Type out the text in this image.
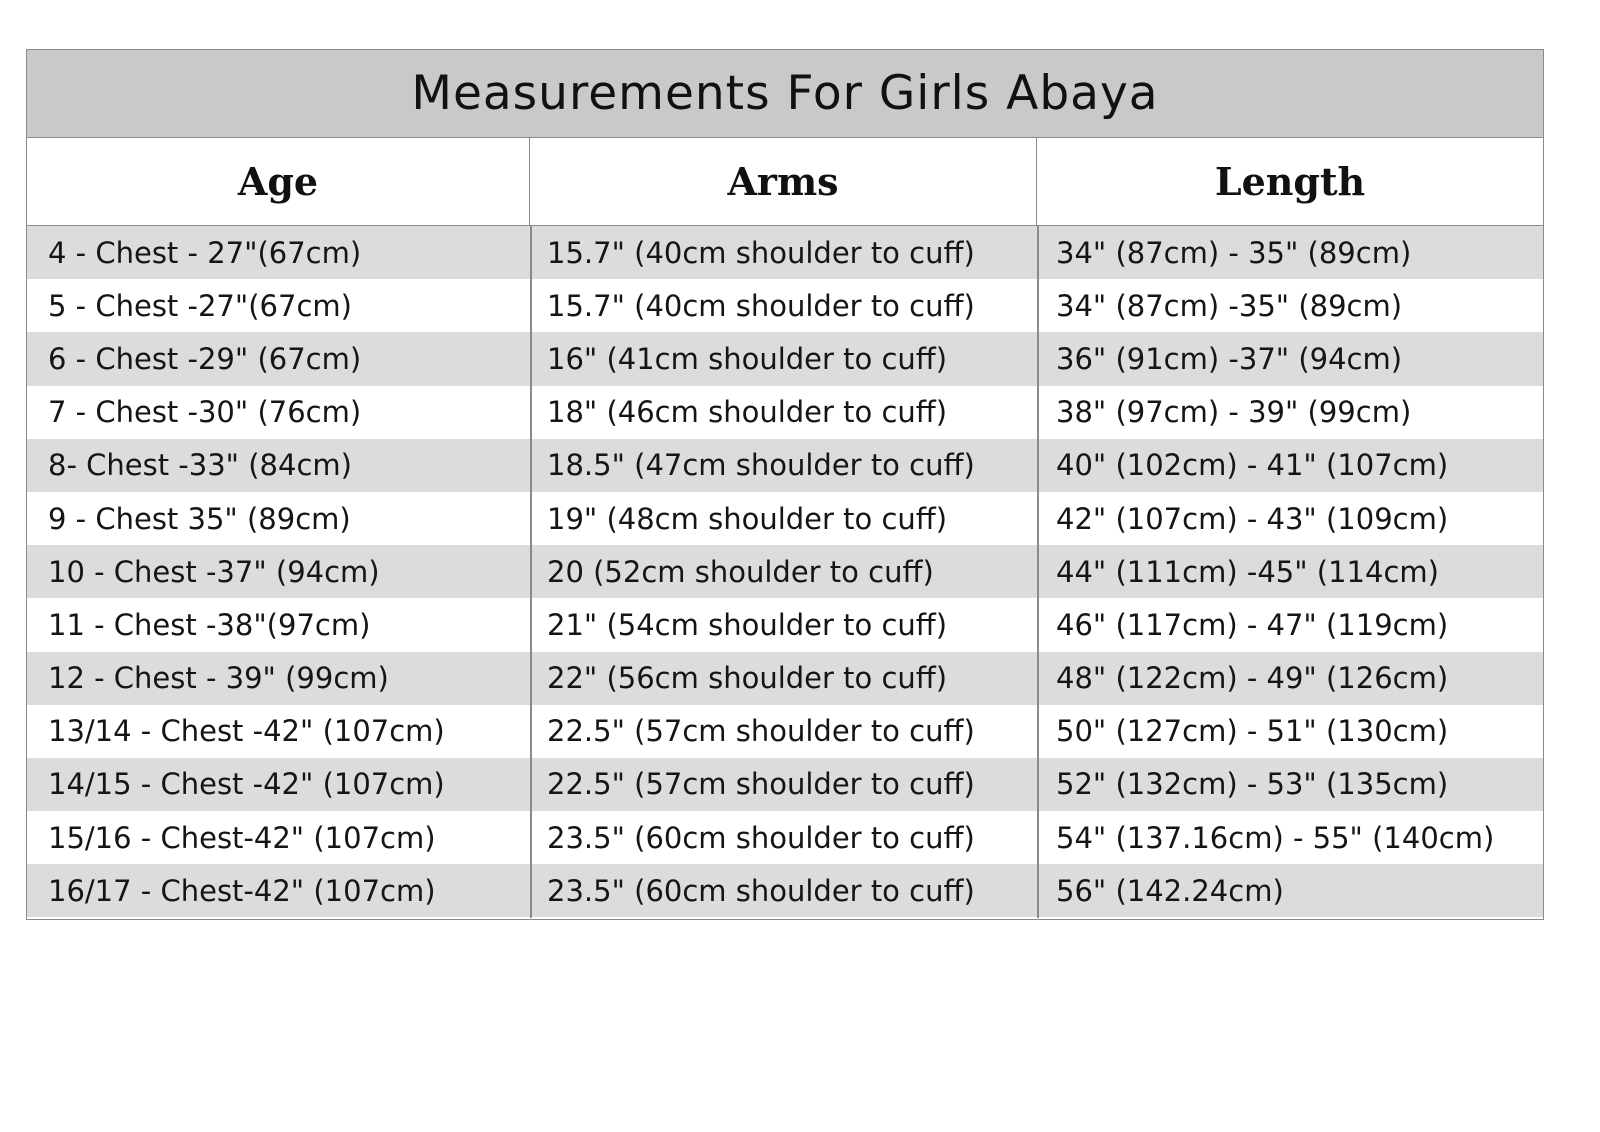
Measurements For Girls Abaya
Age	Arms	Length
4 - Chest - 27"(67cm)	15.7" (40cm shoulder to cuff)	34" (87cm) - 35" (89cm)
5 - Chest -27"(67cm)	15.7" (40cm shoulder to cuff)	34" (87cm) -35" (89cm)
6 - Chest -29" (67cm)	16" (41cm shoulder to cuff)	36" (91cm) -37" (94cm)
7 - Chest -30" (76cm)	18" (46cm shoulder to cuff)	38" (97cm) - 39" (99cm)
8- Chest -33" (84cm)	18.5" (47cm shoulder to cuff)	40" (102cm) - 41" (107cm)
9 - Chest 35" (89cm)	19" (48cm shoulder to cuff)	42" (107cm) - 43" (109cm)
10 - Chest -37" (94cm)	20 (52cm shoulder to cuff)	44" (111cm) -45" (114cm)
11 - Chest -38"(97cm)	21" (54cm shoulder to cuff)	46" (117cm) - 47" (119cm)
12 - Chest - 39" (99cm)	22" (56cm shoulder to cuff)	48" (122cm) - 49" (126cm)
13/14 - Chest -42" (107cm)	22.5" (57cm shoulder to cuff)	50" (127cm) - 51" (130cm)
14/15 - Chest -42" (107cm)	22.5" (57cm shoulder to cuff)	52" (132cm) - 53" (135cm)
15/16 - Chest-42" (107cm)	23.5" (60cm shoulder to cuff)	54" (137.16cm) - 55" (140cm)
16/17 - Chest-42" (107cm)	23.5" (60cm shoulder to cuff)	56" (142.24cm)
